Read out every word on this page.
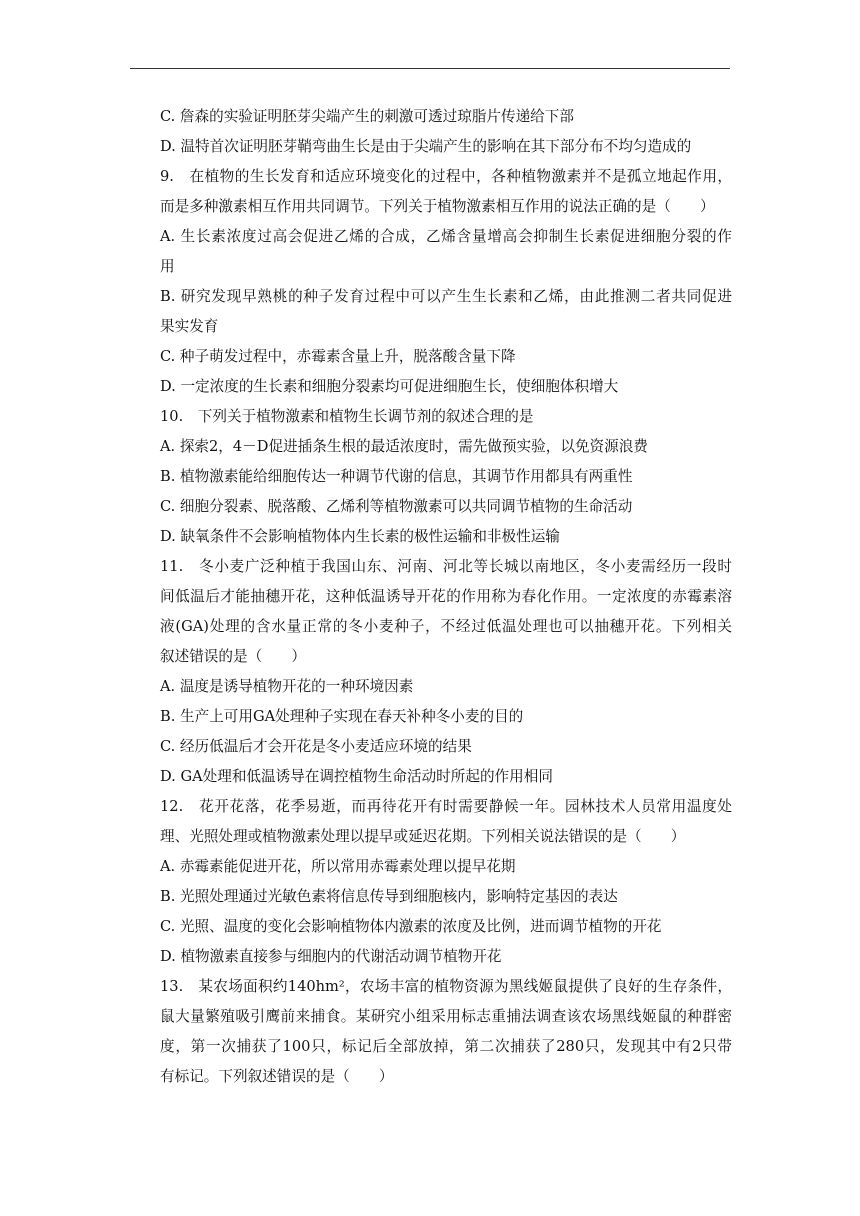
C. 詹森的实验证明胚芽尖端产生的刺激可透过琼脂片传递给下部
D. 温特首次证明胚芽鞘弯曲生长是由于尖端产生的影响在其下部分布不均匀造成的
9.　在植物的生长发育和适应环境变化的过程中，各种植物激素并不是孤立地起作用，
而是多种激素相互作用共同调节。下列关于植物激素相互作用的说法正确的是（　　）
A. 生长素浓度过高会促进乙烯的合成，乙烯含量增高会抑制生长素促进细胞分裂的作
用
B. 研究发现早熟桃的种子发育过程中可以产生生长素和乙烯，由此推测二者共同促进
果实发育
C. 种子萌发过程中，赤霉素含量上升，脱落酸含量下降
D. 一定浓度的生长素和细胞分裂素均可促进细胞生长，使细胞体积增大
10.　下列关于植物激素和植物生长调节剂的叙述合理的是
A. 探索2，4－D促进插条生根的最适浓度时，需先做预实验，以免资源浪费
B. 植物激素能给细胞传达一种调节代谢的信息，其调节作用都具有两重性
C. 细胞分裂素、脱落酸、乙烯利等植物激素可以共同调节植物的生命活动
D. 缺氧条件不会影响植物体内生长素的极性运输和非极性运输
11.　冬小麦广泛种植于我国山东、河南、河北等长城以南地区，冬小麦需经历一段时
间低温后才能抽穗开花，这种低温诱导开花的作用称为春化作用。一定浓度的赤霉素溶
液(GA)处理的含水量正常的冬小麦种子，不经过低温处理也可以抽穗开花。下列相关
叙述错误的是（　　）
A. 温度是诱导植物开花的一种环境因素
B. 生产上可用GA处理种子实现在春天补种冬小麦的目的
C. 经历低温后才会开花是冬小麦适应环境的结果
D. GA处理和低温诱导在调控植物生命活动时所起的作用相同
12.　花开花落，花季易逝，而再待花开有时需要静候一年。园林技术人员常用温度处
理、光照处理或植物激素处理以提早或延迟花期。下列相关说法错误的是（　　）
A. 赤霉素能促进开花，所以常用赤霉素处理以提早花期
B. 光照处理通过光敏色素将信息传导到细胞核内，影响特定基因的表达
C. 光照、温度的变化会影响植物体内激素的浓度及比例，进而调节植物的开花
D. 植物激素直接参与细胞内的代谢活动调节植物开花
13.　某农场面积约140hm²，农场丰富的植物资源为黑线姬鼠提供了良好的生存条件，
鼠大量繁殖吸引鹰前来捕食。某研究小组采用标志重捕法调查该农场黑线姬鼠的种群密
度，第一次捕获了100只，标记后全部放掉，第二次捕获了280只，发现其中有2只带
有标记。下列叙述错误的是（　　）
